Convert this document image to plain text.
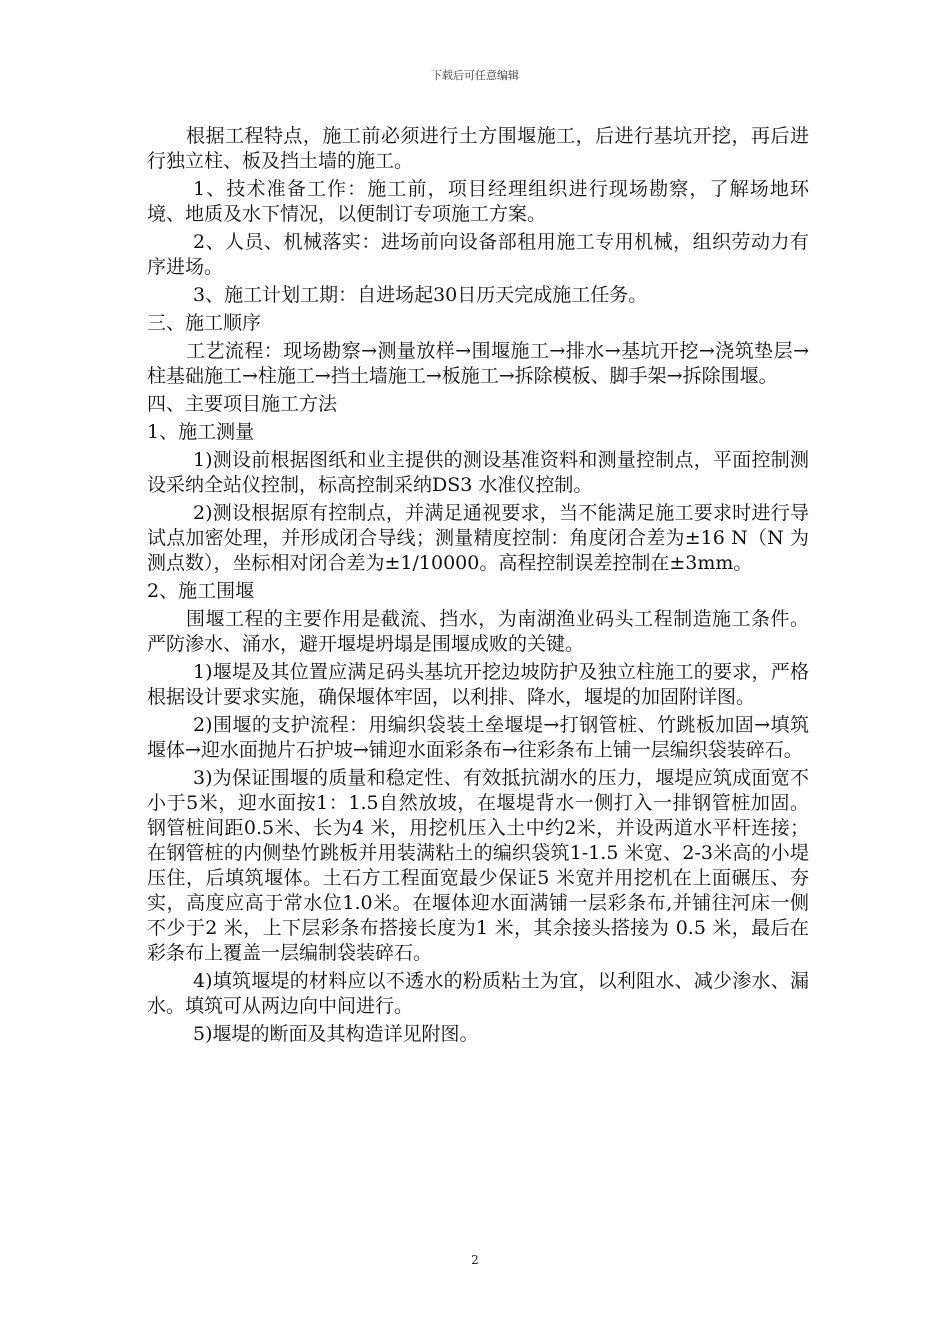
下载后可任意编辑

根据工程特点，施工前必须进行土方围堰施工，后进行基坑开挖，再后进行独立柱、板及挡土墙的施工。

1、技术准备工作：施工前，项目经理组织进行现场勘察，了解场地环境、地质及水下情况，以便制订专项施工方案。

2、人员、机械落实：进场前向设备部租用施工专用机械，组织劳动力有序进场。

3、施工计划工期：自进场起30日历天完成施工任务。

三、施工顺序

工艺流程：现场勘察→测量放样→围堰施工→排水→基坑开挖→浇筑垫层→柱基础施工→柱施工→挡土墙施工→板施工→拆除模板、脚手架→拆除围堰。

四、主要项目施工方法

1、施工测量

1)测设前根据图纸和业主提供的测设基准资料和测量控制点，平面控制测设采纳全站仪控制，标高控制采纳DS3 水准仪控制。

2)测设根据原有控制点，并满足通视要求，当不能满足施工要求时进行导试点加密处理，并形成闭合导线；测量精度控制：角度闭合差为±16 N（N 为测点数），坐标相对闭合差为±1/10000。高程控制误差控制在±3mm。

2、施工围堰

围堰工程的主要作用是截流、挡水，为南湖渔业码头工程制造施工条件。严防渗水、涌水，避开堰堤坍塌是围堰成败的关键。

1)堰堤及其位置应满足码头基坑开挖边坡防护及独立柱施工的要求，严格根据设计要求实施，确保堰体牢固，以利排、降水，堰堤的加固附详图。

2)围堰的支护流程：用编织袋装土垒堰堤→打钢管桩、竹跳板加固→填筑堰体→迎水面抛片石护坡→铺迎水面彩条布→往彩条布上铺一层编织袋装碎石。

3)为保证围堰的质量和稳定性、有效抵抗湖水的压力，堰堤应筑成面宽不小于5米，迎水面按1：1.5自然放坡，在堰堤背水一侧打入一排钢管桩加固。钢管桩间距0.5米、长为4 米，用挖机压入土中约2米，并设两道水平杆连接；在钢管桩的内侧垫竹跳板并用装满粘土的编织袋筑1-1.5 米宽、2-3米高的小堤压住，后填筑堰体。土石方工程面宽最少保证5 米宽并用挖机在上面碾压、夯实，高度应高于常水位1.0米。在堰体迎水面满铺一层彩条布,并铺往河床一侧不少于2 米，上下层彩条布搭接长度为1 米，其余接头搭接为 0.5 米，最后在彩条布上覆盖一层编制袋装碎石。

4)填筑堰堤的材料应以不透水的粉质粘土为宜，以利阻水、减少渗水、漏水。填筑可从两边向中间进行。

5)堰堤的断面及其构造详见附图。

2
